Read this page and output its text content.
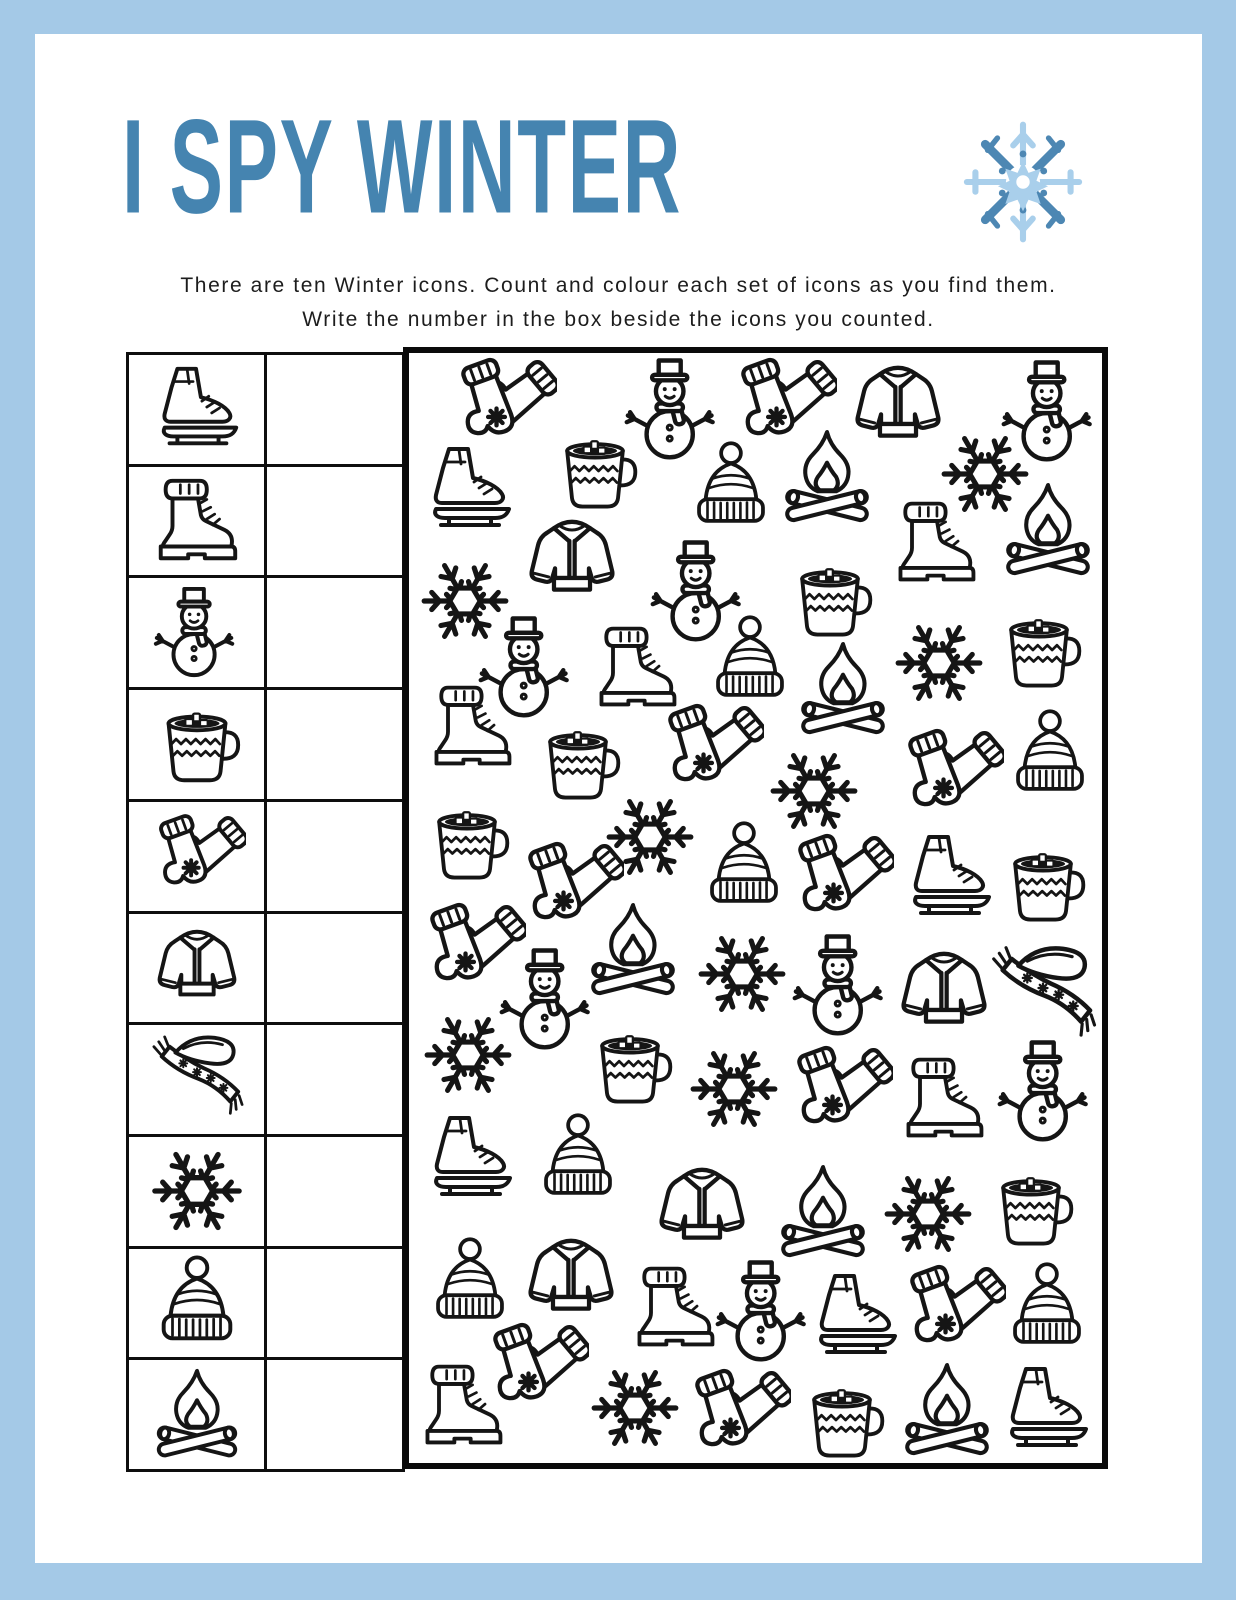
I SPY WINTER
There are ten Winter icons. Count and colour each set of icons as you find them.
Write the number in the box beside the icons you counted.
